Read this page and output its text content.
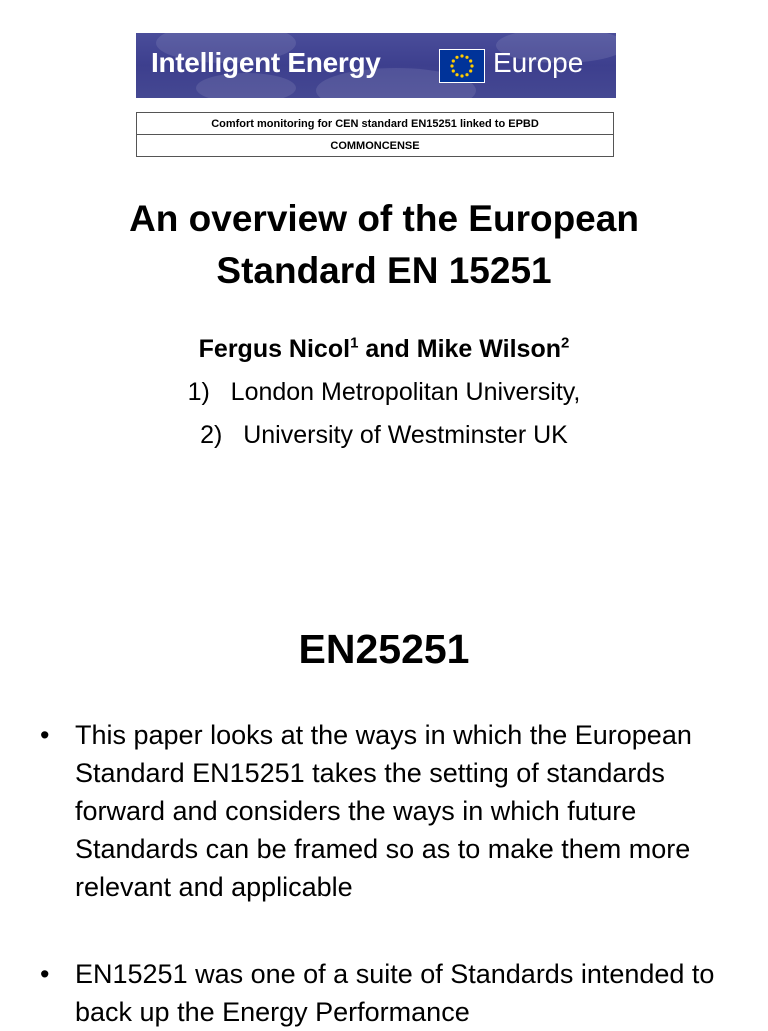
Intelligent Energy	Europe
Comfort monitoring for CEN standard EN15251 linked to EPBD
COMMONCENSE
An overview of the European
Standard EN 15251
Fergus Nicol$^1$ and Mike Wilson$^2$
1)   London Metropolitan University,
2)   University of Westminster UK
EN25251
• This paper looks at the ways in which the European Standard EN15251 takes the setting of standards forward and considers the ways in which future Standards can be framed so as to make them more relevant and applicable
• EN15251 was one of a suite of Standards intended to back up the Energy Performance
